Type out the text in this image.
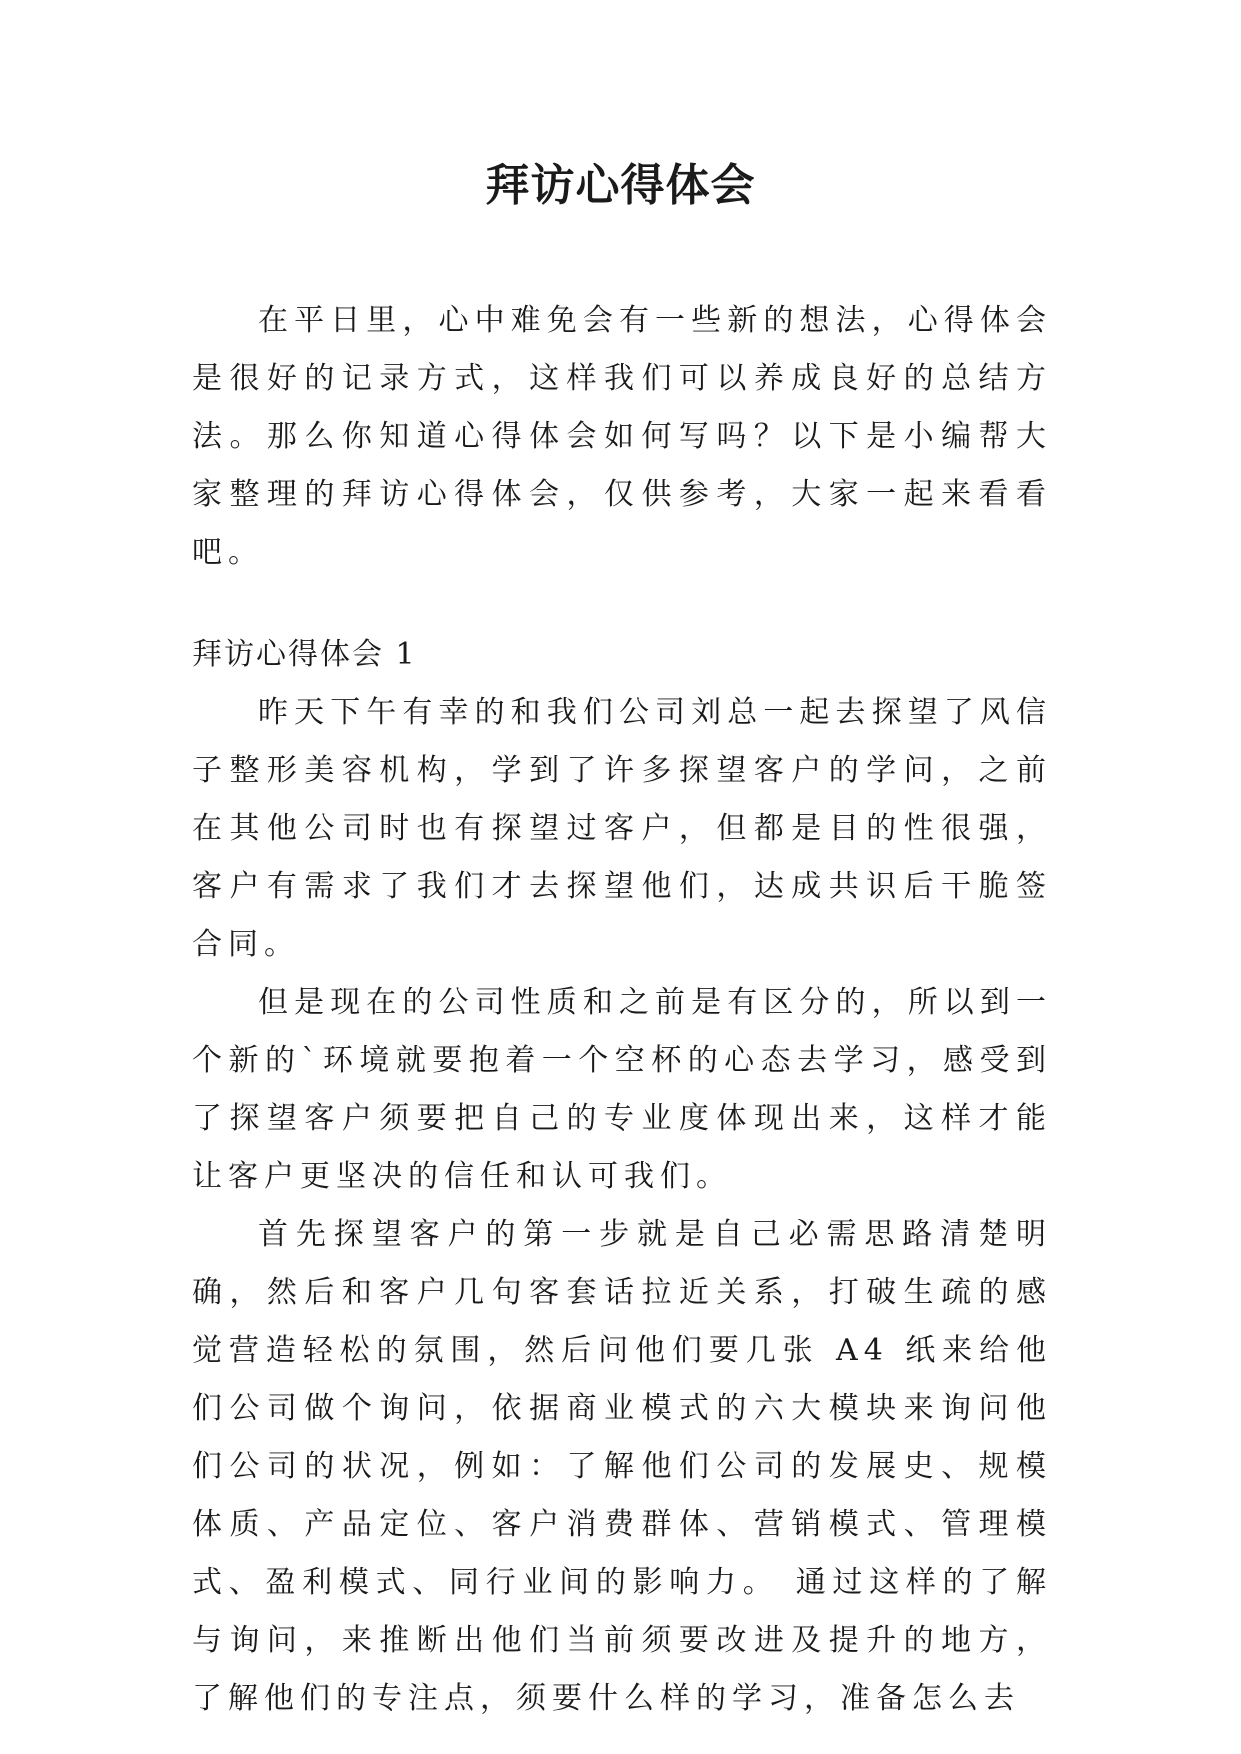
拜访心得体会

在平日里，心中难免会有一些新的想法，心得体会是很好的记录方式，这样我们可以养成良好的总结方法。那么你知道心得体会如何写吗？以下是小编帮大家整理的拜访心得体会，仅供参考，大家一起来看看吧。

拜访心得体会 1

昨天下午有幸的和我们公司刘总一起去探望了风信子整形美容机构，学到了许多探望客户的学问，之前在其他公司时也有探望过客户，但都是目的性很强，客户有需求了我们才去探望他们，达成共识后干脆签合同。

但是现在的公司性质和之前是有区分的，所以到一个新的`环境就要抱着一个空杯的心态去学习，感受到了探望客户须要把自己的专业度体现出来，这样才能让客户更坚决的信任和认可我们。

首先探望客户的第一步就是自己必需思路清楚明确，然后和客户几句客套话拉近关系，打破生疏的感觉营造轻松的氛围，然后问他们要几张 A4 纸来给他们公司做个询问，依据商业模式的六大模块来询问他们公司的状况，例如：了解他们公司的发展史、规模体质、产品定位、客户消费群体、营销模式、管理模式、盈利模式、同行业间的影响力。 通过这样的了解与询问，来推断出他们当前须要改进及提升的地方，了解他们的专注点，须要什么样的学习，准备怎么去
